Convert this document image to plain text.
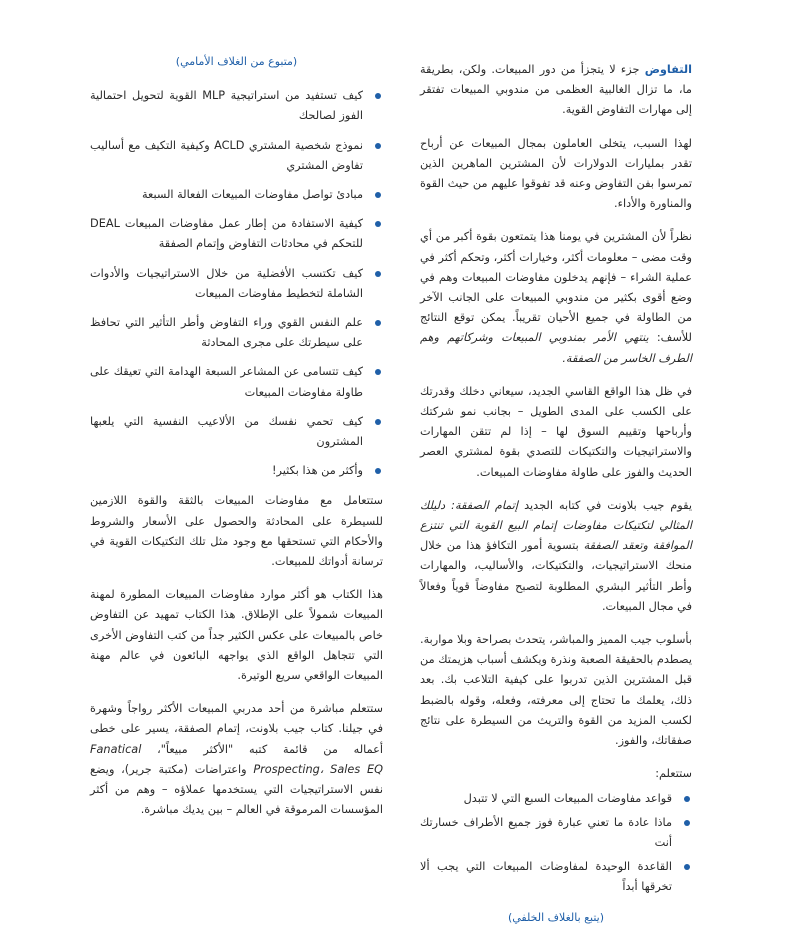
التفاوض جزء لا يتجزأ من دور المبيعات. ولكن، بطريقة ما، ما تزال الغالبية العظمى من مندوبي المبيعات تفتقر إلى مهارات التفاوض القوية.

لهذا السبب، يتخلى العاملون بمجال المبيعات عن أرباح تقدر بمليارات الدولارات لأن المشترين الماهرين الذين تمرسوا بفن التفاوض وعنه قد تفوقوا عليهم من حيث القوة والمناورة والأداء.

نظراً لأن المشترين في يومنا هذا يتمتعون بقوة أكبر من أي وقت مضى – معلومات أكثر، وخيارات أكثر، وتحكم أكثر في عملية الشراء – فإنهم يدخلون مفاوضات المبيعات وهم في وضع أقوى بكثير من مندوبي المبيعات على الجانب الآخر من الطاولة في جميع الأحيان تقريباً. يمكن توقع النتائج للأسف: ينتهي الأمر بمندوبي المبيعات وشركاتهم وهم الطرف الخاسر من الصفقة.

في ظل هذا الواقع القاسي الجديد، سيعاني دخلك وقدرتك على الكسب على المدى الطويل – بجانب نمو شركتك وأرباحها وتقييم السوق لها – إذا لم تتقن المهارات والاستراتيجيات والتكتيكات للتصدي بقوة لمشتري العصر الحديث والفوز على طاولة مفاوضات المبيعات.

يقوم جيب بلاونت في كتابه الجديد إتمام الصفقة: دليلك المثالي لتكتيكات مفاوضات إتمام البيع القوية التي تنتزع الموافقة وتعقد الصفقة بتسوية أمور التكافؤ هذا من خلال منحك الاستراتيجيات، والتكتيكات، والأساليب، والمهارات وأطر التأثير البشري المطلوبة لتصبح مفاوضاً قوياً وفعالاً في مجال المبيعات.

بأسلوب جيب المميز والمباشر، يتحدث بصراحة وبلا مواربة. يصطدم بالحقيقة الصعبة ونذرة ويكشف أسباب هزيمتك من قبل المشترين الذين تدربوا على كيفية التلاعب بك. بعد ذلك، يعلمك ما تحتاج إلى معرفته، وفعله، وقوله بالضبط لكسب المزيد من القوة والتريث من السيطرة على نتائج صفقاتك، والفوز.

ستتعلم:
قواعد مفاوضات المبيعات السبع التي لا تتبدل
ماذا عادة ما تعني عبارة فوز جميع الأطراف خسارتك أنت
القاعدة الوحيدة لمفاوضات المبيعات التي يجب ألا تخرقها أبداً
(يتبع بالغلاف الخلفي)
(متبوع من الغلاف الأمامي)
كيف تستفيد من استراتيجية MLP القوية لتحويل احتمالية الفوز لصالحك
نموذج شخصية المشتري ACLD وكيفية التكيف مع أساليب تفاوض المشتري
مبادئ تواصل مفاوضات المبيعات الفعالة السبعة
كيفية الاستفادة من إطار عمل مفاوضات المبيعات DEAL للتحكم في محادثات التفاوض وإتمام الصفقة
كيف تكتسب الأفضلية من خلال الاستراتيجيات والأدوات الشاملة لتخطيط مفاوضات المبيعات
علم النفس القوي وراء التفاوض وأطر التأثير التي تحافظ على سيطرتك على مجرى المحادثة
كيف تتسامى عن المشاعر السبعة الهدامة التي تعيقك على طاولة مفاوضات المبيعات
كيف تحمي نفسك من الألاعيب النفسية التي يلعبها المشترون
وأكثر من هذا بكثير!

ستتعامل مع مفاوضات المبيعات بالثقة والقوة اللازمين للسيطرة على المحادثة والحصول على الأسعار والشروط والأحكام التي تستحقها مع وجود مثل تلك التكتيكات القوية في ترسانة أدواتك للمبيعات.

هذا الكتاب هو أكثر موارد مفاوضات المبيعات المطورة لمهنة المبيعات شمولاً على الإطلاق. هذا الكتاب تمهيد عن التفاوض خاص بالمبيعات على عكس الكثير جداً من كتب التفاوض الأخرى التي تتجاهل الواقع الذي يواجهه البائعون في عالم مهنة المبيعات الواقعي سريع الوتيرة.

ستتعلم مباشرة من أحد مدربي المبيعات الأكثر رواجاً وشهرة في جيلنا. كتاب جيب بلاونت، إتمام الصفقة، يسير على خطى أعماله من قائمة كتبه "الأكثر مبيعاً"، Fanatical Prospecting، Sales EQ واعتراضات (مكتبة جرير)، ويضع نفس الاستراتيجيات التي يستخدمها عملاؤه – وهم من أكثر المؤسسات المرموقة في العالم – بين يديك مباشرة.
